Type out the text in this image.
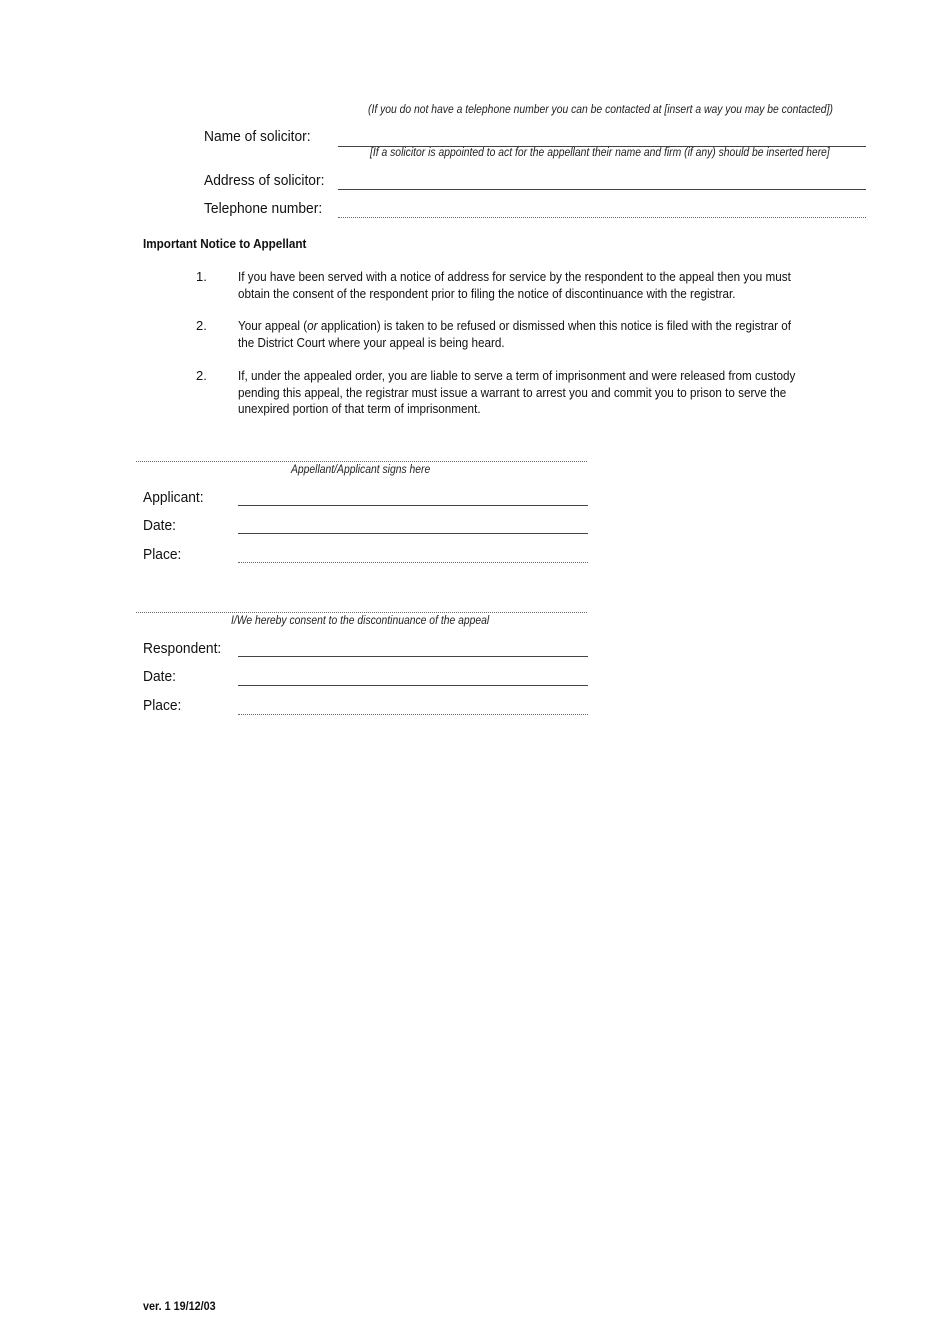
(If you do not have a telephone number you can be contacted at [insert a way you may be contacted])
Name of solicitor:
[If a solicitor is appointed to act for the appellant their name and firm (if any) should be inserted here]
Address of solicitor:
Telephone number:
Important Notice to Appellant
1. If you have been served with a notice of address for service by the respondent to the appeal then you must obtain the consent of the respondent prior to filing the notice of discontinuance with the registrar.
2. Your appeal (or application) is taken to be refused or dismissed when this notice is filed with the registrar of the District Court where your appeal is being heard.
2. If, under the appealed order, you are liable to serve a term of imprisonment and were released from custody pending this appeal, the registrar must issue a warrant to arrest you and commit you to prison to serve the unexpired portion of that term of imprisonment.
Appellant/Applicant signs here
Applicant:
Date:
Place:
I/We hereby consent to the discontinuance of the appeal
Respondent:
Date:
Place:
ver. 1 19/12/03
